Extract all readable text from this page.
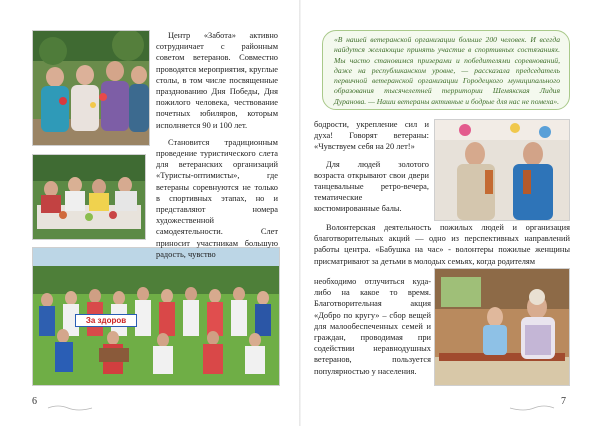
За здоров

Центр «Забота» активно сотрудничает с районным советом ветеранов. Совместно проводятся мероприятия, круглые столы, в том числе посвященные празднованию Дня Победы, Дня пожилого человека, чествование почетных юбиляров, которым исполняется 90 и 100 лет.

Становится традиционным проведение туристического слета для ветеранских организаций «Туристы-оптимисты», где ветераны соревнуются не только в спортивных этапах, но и представляют номера художественной самодеятельности. Слет приносит участникам большую радость, чувство

6

«В нашей ветеранской организации больше 200 человек. И всегда найдутся желающие принять участие в спортивных состязаниях. Мы часто становимся призерами и победителями соревнований, даже на республиканском уровне, — рассказала председатель первичной ветеранской организации Городецкого муниципального образования тысячелетней территории Шемякская Лидия Дуранова. — Наши ветераны активные и бодрые для нас не помеха».

бодрости, укрепление сил и духа! Говорят ветераны: «Чувствуем себя на 20 лет!»

Для людей золотого возраста открывают свои двери танцевальные ретро-вечера, тематические костюмированные балы.

Волонтерская деятельность пожилых людей и организация благотворительных акций — одно из перспективных направлений работы центра. «Бабушка на час» - волонтеры пожилые женщины присматривают за детьми в молодых семьях, когда родителям

необходимо отлучиться куда-либо на какое то время. Благотворительная акция «Добро по кругу» – сбор вещей для малообеспеченных семей и граждан, проводимая при содействии неравнодушных ветеранов, пользуется популярностью у населения.

7
